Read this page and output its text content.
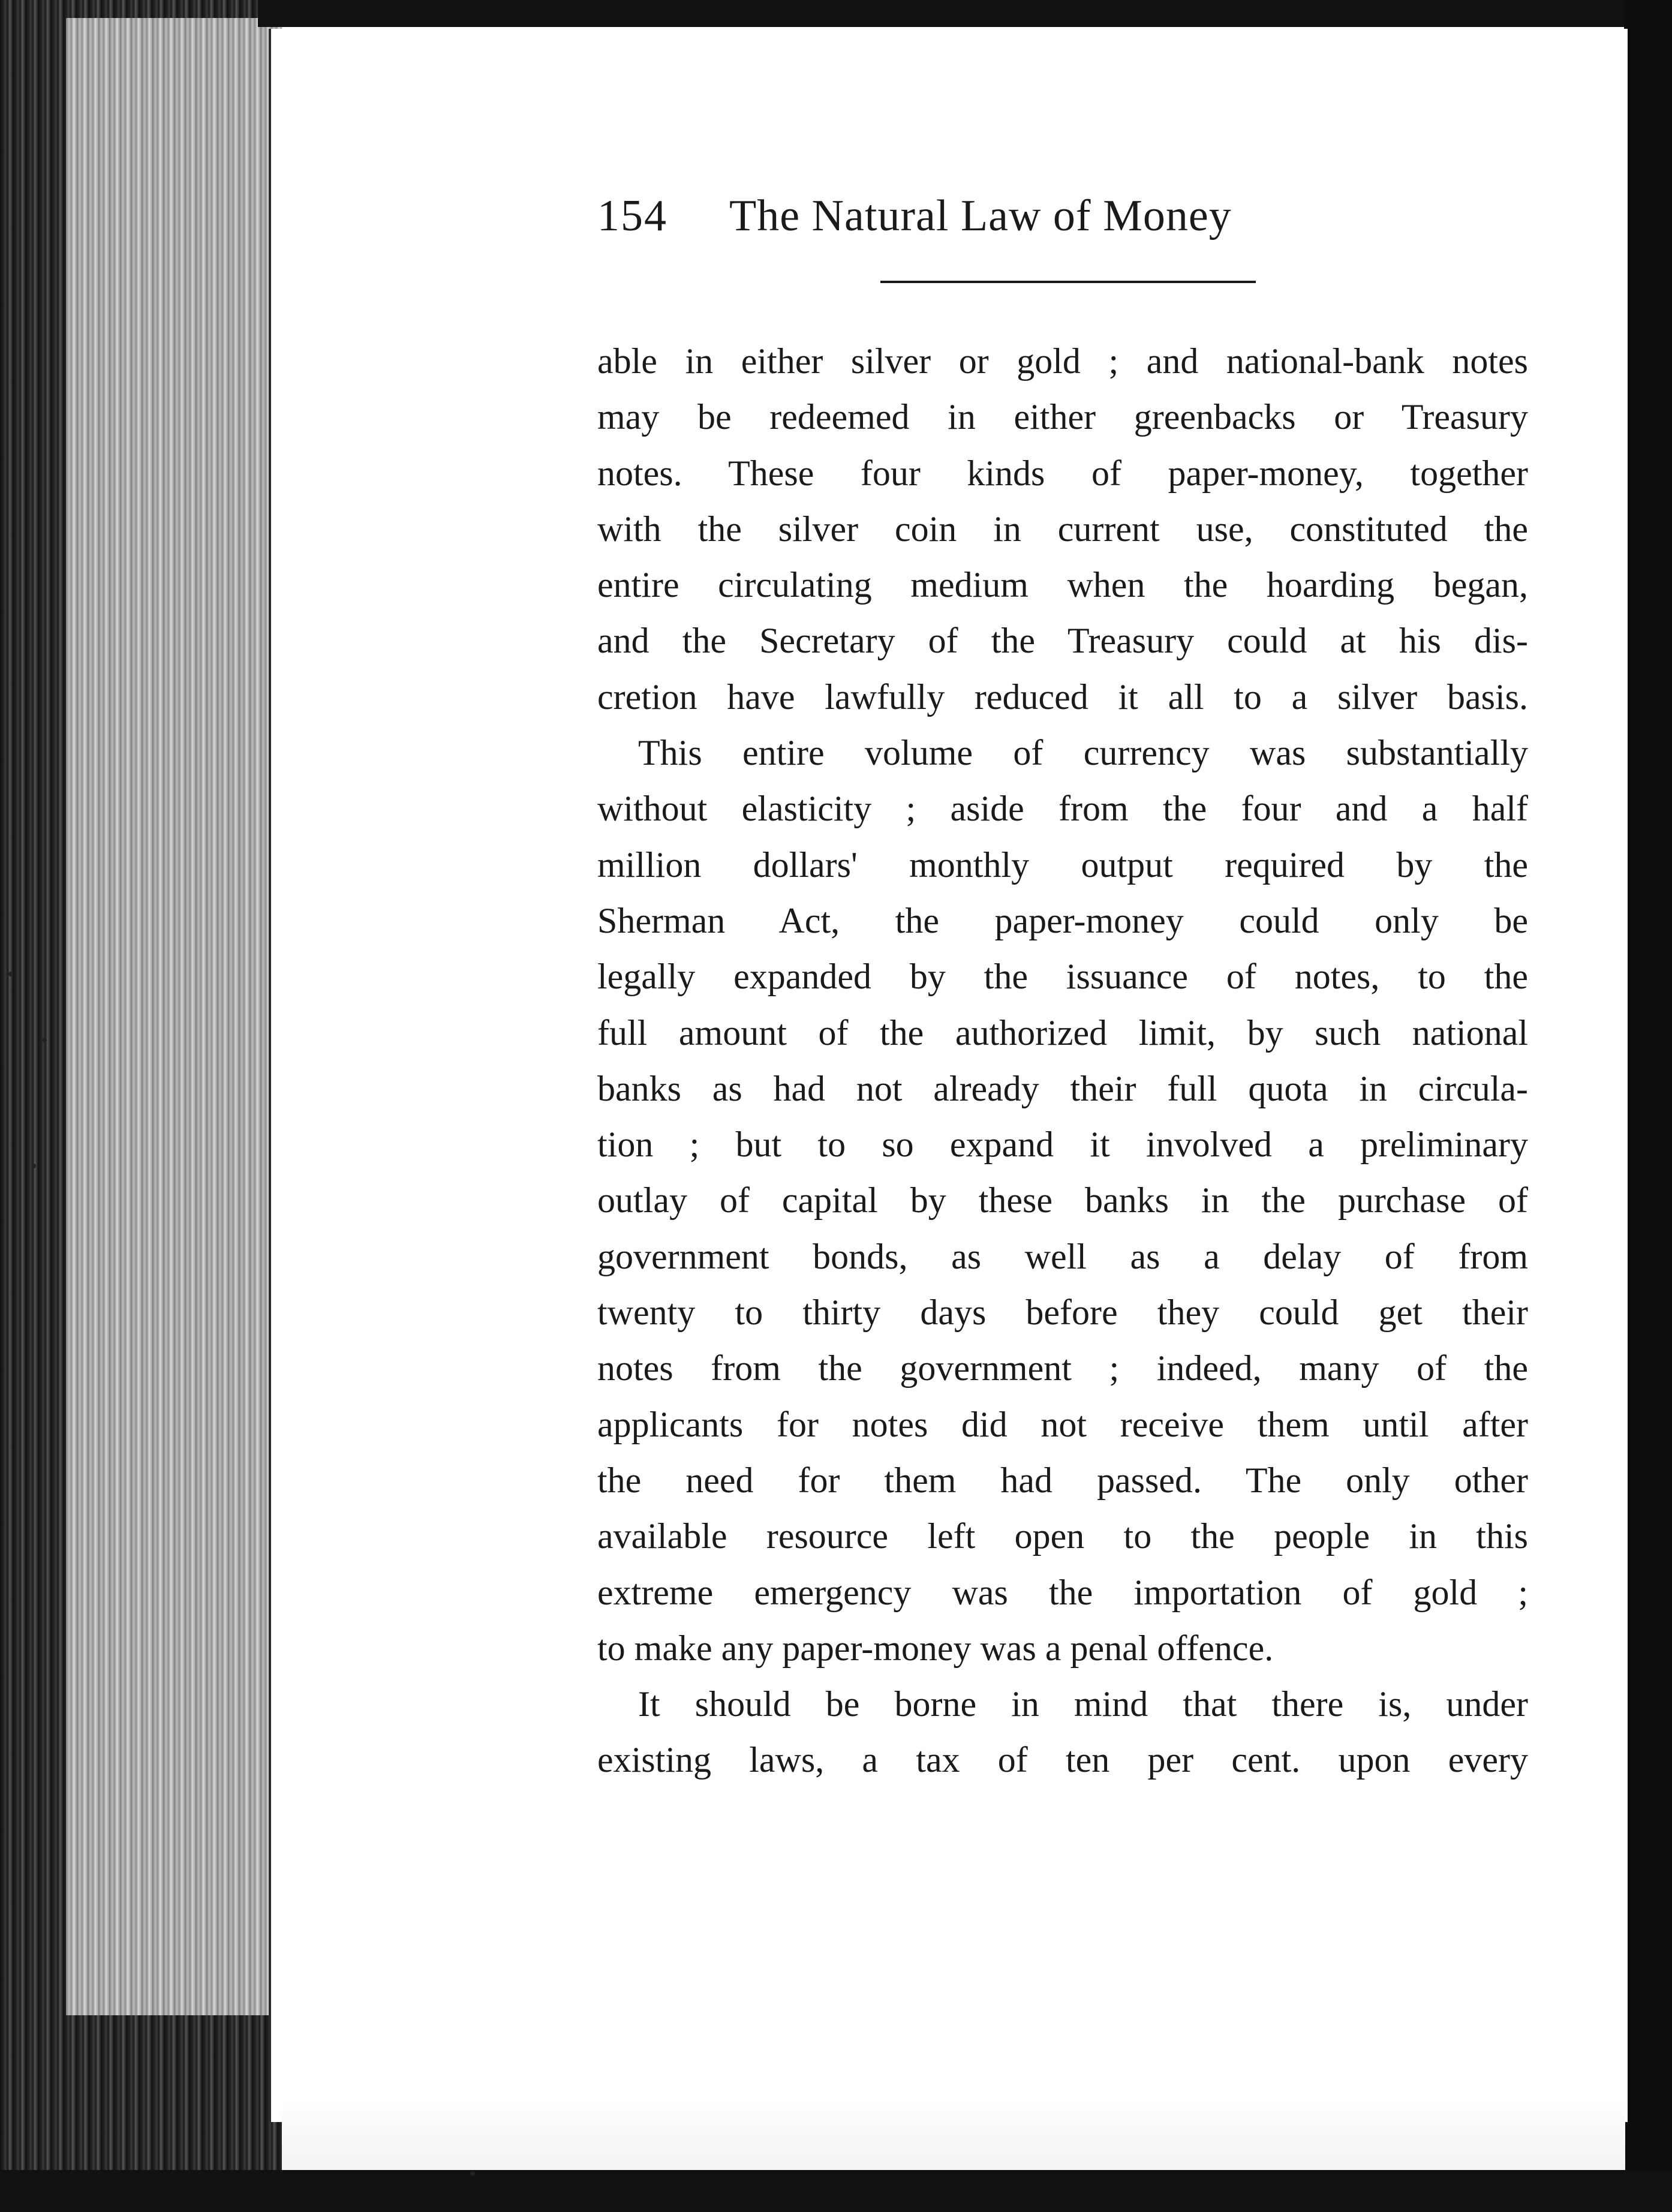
154 The Natural Law of Money
able in either silver or gold ; and national-bank notes
may be redeemed in either greenbacks or Treasury
notes. These four kinds of paper-money, together
with the silver coin in current use, constituted the
entire circulating medium when the hoarding began,
and the Secretary of the Treasury could at his dis-
cretion have lawfully reduced it all to a silver basis.
This entire volume of currency was substantially
without elasticity ; aside from the four and a half
million dollars' monthly output required by the
Sherman Act, the paper-money could only be
legally expanded by the issuance of notes, to the
full amount of the authorized limit, by such national
banks as had not already their full quota in circula-
tion ; but to so expand it involved a preliminary
outlay of capital by these banks in the purchase of
government bonds, as well as a delay of from
twenty to thirty days before they could get their
notes from the government ; indeed, many of the
applicants for notes did not receive them until after
the need for them had passed. The only other
available resource left open to the people in this
extreme emergency was the importation of gold ;
to make any paper-money was a penal offence.
It should be borne in mind that there is, under
existing laws, a tax of ten per cent. upon every
